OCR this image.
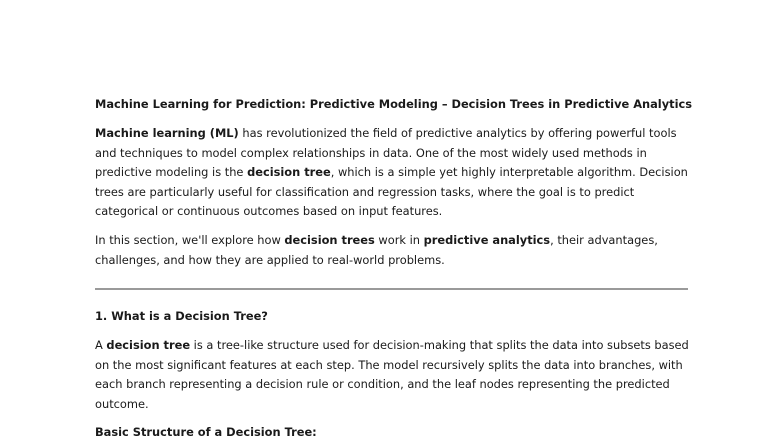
Machine Learning for Prediction: Predictive Modeling – Decision Trees in Predictive Analytics

Machine learning (ML) has revolutionized the field of predictive analytics by offering powerful tools and techniques to model complex relationships in data. One of the most widely used methods in predictive modeling is the decision tree, which is a simple yet highly interpretable algorithm. Decision trees are particularly useful for classification and regression tasks, where the goal is to predict categorical or continuous outcomes based on input features.

In this section, we'll explore how decision trees work in predictive analytics, their advantages, challenges, and how they are applied to real-world problems.

1. What is a Decision Tree?

A decision tree is a tree-like structure used for decision-making that splits the data into subsets based on the most significant features at each step. The model recursively splits the data into branches, with each branch representing a decision rule or condition, and the leaf nodes representing the predicted outcome.

Basic Structure of a Decision Tree:
